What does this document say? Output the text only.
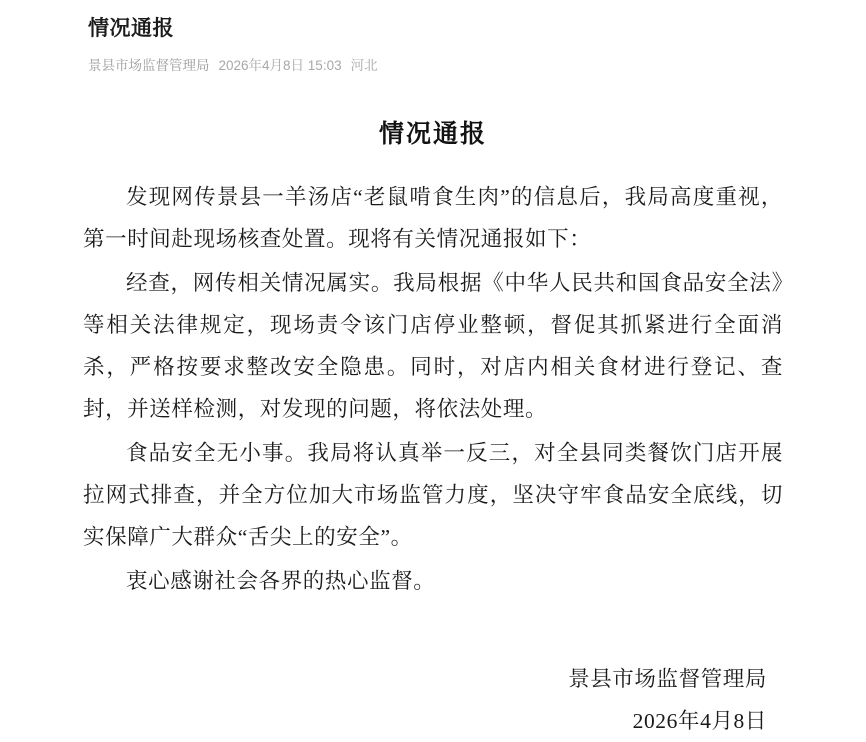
情况通报
景县市场监督管理局 2026年4月8日 15:03 河北
情况通报

发现网传景县一羊汤店“老鼠啃食生肉”的信息后，我局高度重视，第一时间赴现场核查处置。现将有关情况通报如下：

经查，网传相关情况属实。我局根据《中华人民共和国食品安全法》等相关法律规定，现场责令该门店停业整顿，督促其抓紧进行全面消杀，严格按要求整改安全隐患。同时，对店内相关食材进行登记、查封，并送样检测，对发现的问题，将依法处理。

食品安全无小事。我局将认真举一反三，对全县同类餐饮门店开展拉网式排查，并全方位加大市场监管力度，坚决守牢食品安全底线，切实保障广大群众“舌尖上的安全”。

衷心感谢社会各界的热心监督。

景县市场监督管理局
2026年4月8日
